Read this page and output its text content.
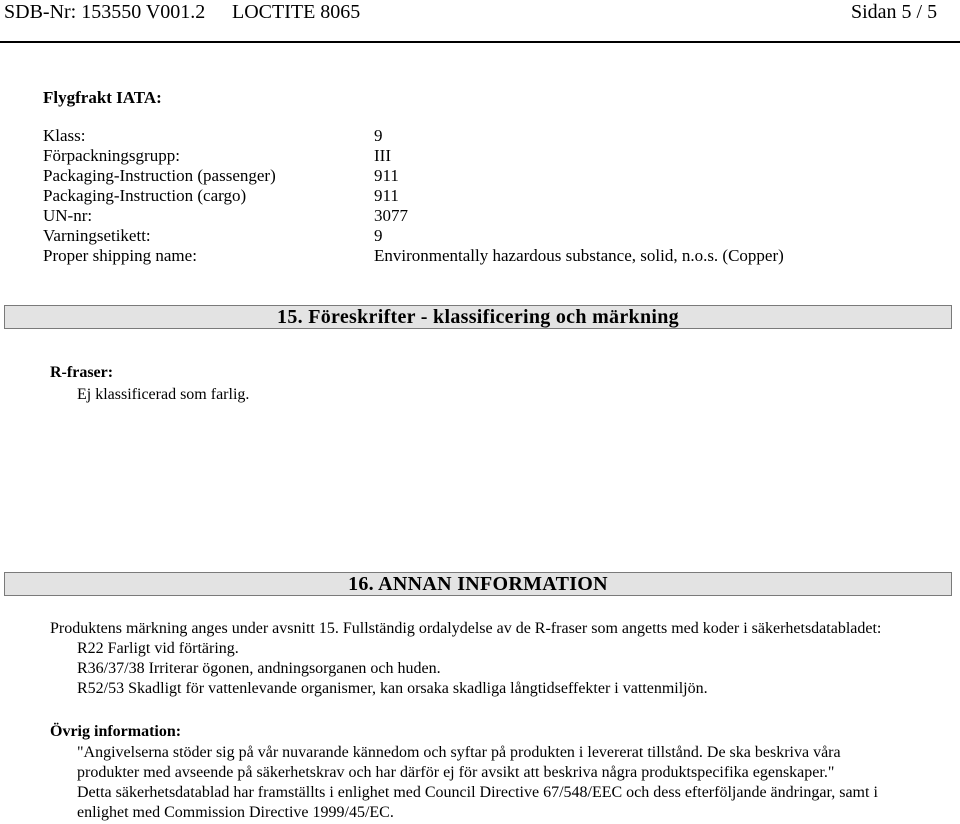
SDB-Nr: 153550 V001.2 LOCTITE 8065	Sidan 5 / 5
Flygfrakt IATA:
Klass:	9
Förpackningsgrupp:	III
Packaging-Instruction (passenger)	911
Packaging-Instruction (cargo)	911
UN-nr:	3077
Varningsetikett:	9
Proper shipping name:	Environmentally hazardous substance, solid, n.o.s. (Copper)
15. Föreskrifter - klassificering och märkning
R-fraser:
Ej klassificerad som farlig.
16. ANNAN INFORMATION
Produktens märkning anges under avsnitt 15. Fullständig ordalydelse av de R-fraser som angetts med koder i säkerhetsdatabladet:
R22 Farligt vid förtäring.
R36/37/38 Irriterar ögonen, andningsorganen och huden.
R52/53 Skadligt för vattenlevande organismer, kan orsaka skadliga långtidseffekter i vattenmiljön.
Övrig information:
"Angivelserna stöder sig på vår nuvarande kännedom och syftar på produkten i levererat tillstånd. De ska beskriva våra
produkter med avseende på säkerhetskrav och har därför ej för avsikt att beskriva några produktspecifika egenskaper."
Detta säkerhetsdatablad har framställts i enlighet med Council Directive 67/548/EEC och dess efterföljande ändringar, samt i
enlighet med Commission Directive 1999/45/EC.
